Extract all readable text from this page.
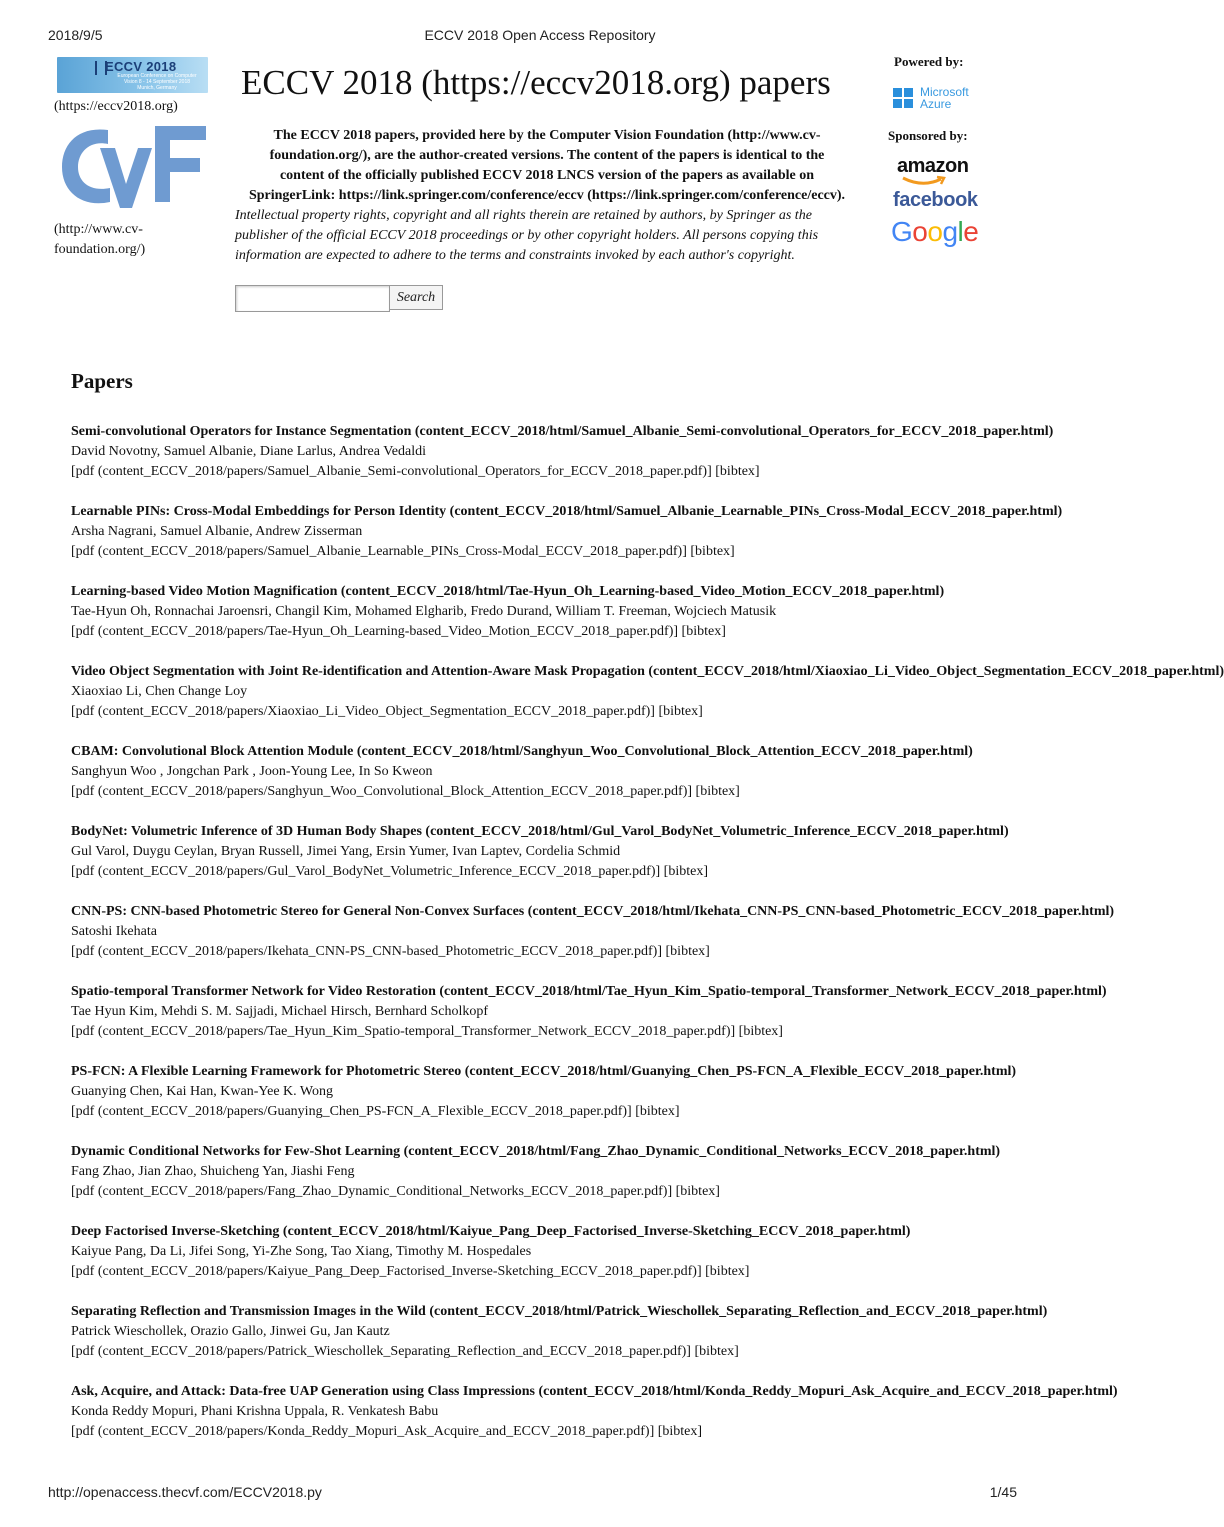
2018/9/5	ECCV 2018 Open Access Repository
ECCV 2018
European Conference on Computer Vision 8 - 14 September 2018 Munich, Germany
(https://eccv2018.org)
(http://www.cv-
foundation.org/)
ECCV 2018 (https://eccv2018.org) papers
The ECCV 2018 papers, provided here by the Computer Vision Foundation (http://www.cv-
foundation.org/), are the author-created versions. The content of the papers is identical to the
content of the officially published ECCV 2018 LNCS version of the papers as available on
SpringerLink: https://link.springer.com/conference/eccv (https://link.springer.com/conference/eccv).
Intellectual property rights, copyright and all rights therein are retained by authors, by Springer as the
publisher of the official ECCV 2018 proceedings or by other copyright holders. All persons copying this
information are expected to adhere to the terms and constraints invoked by each author's copyright.
Search
Powered by:
Microsoft
Azure
Sponsored by:
amazon
facebook
Google
Papers
Semi-convolutional Operators for Instance Segmentation (content_ECCV_2018/html/Samuel_Albanie_Semi-convolutional_Operators_for_ECCV_2018_paper.html)
David Novotny, Samuel Albanie, Diane Larlus, Andrea Vedaldi
[pdf (content_ECCV_2018/papers/Samuel_Albanie_Semi-convolutional_Operators_for_ECCV_2018_paper.pdf)] [bibtex]
Learnable PINs: Cross-Modal Embeddings for Person Identity (content_ECCV_2018/html/Samuel_Albanie_Learnable_PINs_Cross-Modal_ECCV_2018_paper.html)
Arsha Nagrani, Samuel Albanie, Andrew Zisserman
[pdf (content_ECCV_2018/papers/Samuel_Albanie_Learnable_PINs_Cross-Modal_ECCV_2018_paper.pdf)] [bibtex]
Learning-based Video Motion Magnification (content_ECCV_2018/html/Tae-Hyun_Oh_Learning-based_Video_Motion_ECCV_2018_paper.html)
Tae-Hyun Oh, Ronnachai Jaroensri, Changil Kim, Mohamed Elgharib, Fredo Durand, William T. Freeman, Wojciech Matusik
[pdf (content_ECCV_2018/papers/Tae-Hyun_Oh_Learning-based_Video_Motion_ECCV_2018_paper.pdf)] [bibtex]
Video Object Segmentation with Joint Re-identification and Attention-Aware Mask Propagation (content_ECCV_2018/html/Xiaoxiao_Li_Video_Object_Segmentation_ECCV_2018_paper.html)
Xiaoxiao Li, Chen Change Loy
[pdf (content_ECCV_2018/papers/Xiaoxiao_Li_Video_Object_Segmentation_ECCV_2018_paper.pdf)] [bibtex]
CBAM: Convolutional Block Attention Module (content_ECCV_2018/html/Sanghyun_Woo_Convolutional_Block_Attention_ECCV_2018_paper.html)
Sanghyun Woo , Jongchan Park , Joon-Young Lee, In So Kweon
[pdf (content_ECCV_2018/papers/Sanghyun_Woo_Convolutional_Block_Attention_ECCV_2018_paper.pdf)] [bibtex]
BodyNet: Volumetric Inference of 3D Human Body Shapes (content_ECCV_2018/html/Gul_Varol_BodyNet_Volumetric_Inference_ECCV_2018_paper.html)
Gul Varol, Duygu Ceylan, Bryan Russell, Jimei Yang, Ersin Yumer, Ivan Laptev, Cordelia Schmid
[pdf (content_ECCV_2018/papers/Gul_Varol_BodyNet_Volumetric_Inference_ECCV_2018_paper.pdf)] [bibtex]
CNN-PS: CNN-based Photometric Stereo for General Non-Convex Surfaces (content_ECCV_2018/html/Ikehata_CNN-PS_CNN-based_Photometric_ECCV_2018_paper.html)
Satoshi Ikehata
[pdf (content_ECCV_2018/papers/Ikehata_CNN-PS_CNN-based_Photometric_ECCV_2018_paper.pdf)] [bibtex]
Spatio-temporal Transformer Network for Video Restoration (content_ECCV_2018/html/Tae_Hyun_Kim_Spatio-temporal_Transformer_Network_ECCV_2018_paper.html)
Tae Hyun Kim, Mehdi S. M. Sajjadi, Michael Hirsch, Bernhard Scholkopf
[pdf (content_ECCV_2018/papers/Tae_Hyun_Kim_Spatio-temporal_Transformer_Network_ECCV_2018_paper.pdf)] [bibtex]
PS-FCN: A Flexible Learning Framework for Photometric Stereo (content_ECCV_2018/html/Guanying_Chen_PS-FCN_A_Flexible_ECCV_2018_paper.html)
Guanying Chen, Kai Han, Kwan-Yee K. Wong
[pdf (content_ECCV_2018/papers/Guanying_Chen_PS-FCN_A_Flexible_ECCV_2018_paper.pdf)] [bibtex]
Dynamic Conditional Networks for Few-Shot Learning (content_ECCV_2018/html/Fang_Zhao_Dynamic_Conditional_Networks_ECCV_2018_paper.html)
Fang Zhao, Jian Zhao, Shuicheng Yan, Jiashi Feng
[pdf (content_ECCV_2018/papers/Fang_Zhao_Dynamic_Conditional_Networks_ECCV_2018_paper.pdf)] [bibtex]
Deep Factorised Inverse-Sketching (content_ECCV_2018/html/Kaiyue_Pang_Deep_Factorised_Inverse-Sketching_ECCV_2018_paper.html)
Kaiyue Pang, Da Li, Jifei Song, Yi-Zhe Song, Tao Xiang, Timothy M. Hospedales
[pdf (content_ECCV_2018/papers/Kaiyue_Pang_Deep_Factorised_Inverse-Sketching_ECCV_2018_paper.pdf)] [bibtex]
Separating Reflection and Transmission Images in the Wild (content_ECCV_2018/html/Patrick_Wieschollek_Separating_Reflection_and_ECCV_2018_paper.html)
Patrick Wieschollek, Orazio Gallo, Jinwei Gu, Jan Kautz
[pdf (content_ECCV_2018/papers/Patrick_Wieschollek_Separating_Reflection_and_ECCV_2018_paper.pdf)] [bibtex]
Ask, Acquire, and Attack: Data-free UAP Generation using Class Impressions (content_ECCV_2018/html/Konda_Reddy_Mopuri_Ask_Acquire_and_ECCV_2018_paper.html)
Konda Reddy Mopuri, Phani Krishna Uppala, R. Venkatesh Babu
[pdf (content_ECCV_2018/papers/Konda_Reddy_Mopuri_Ask_Acquire_and_ECCV_2018_paper.pdf)] [bibtex]
http://openaccess.thecvf.com/ECCV2018.py	1/45
